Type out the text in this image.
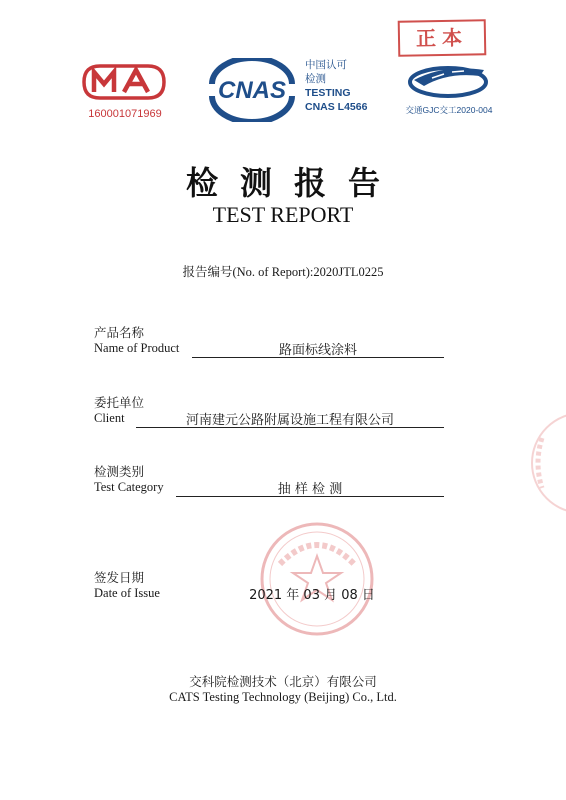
正本
160001071969
CNAS
中国认可
检测
TESTING
CNAS L4566	交通GJC交工2020-004
检测报告
TEST REPORT
报告编号(No. of Report):2020JTL0225
产品名称
Name of Product	路面标线涂料
委托单位
Client	河南建元公路附属设施工程有限公司
检测类别
Test Category	抽 样 检 测
签发日期
Date of Issue	2021 年 03 月 08 日
交科院检测技术（北京）有限公司
CATS Testing Technology (Beijing) Co., Ltd.
